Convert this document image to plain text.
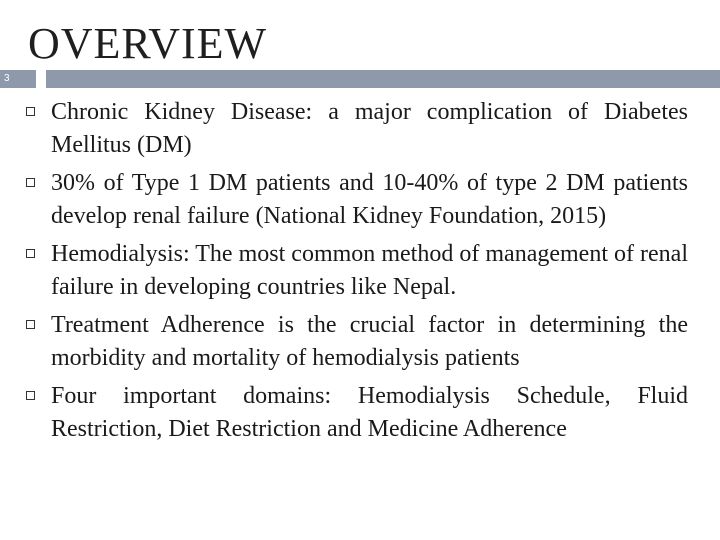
OVERVIEW
3
Chronic Kidney Disease: a major complication of Diabetes Mellitus (DM)
30% of Type 1 DM patients and 10-40% of type 2 DM patients develop renal failure (National Kidney Foundation, 2015)
Hemodialysis: The most common method of management of renal failure in developing countries like Nepal.
Treatment Adherence is the crucial factor in determining the morbidity and mortality of hemodialysis patients
Four important domains: Hemodialysis Schedule, Fluid Restriction, Diet Restriction and Medicine Adherence
